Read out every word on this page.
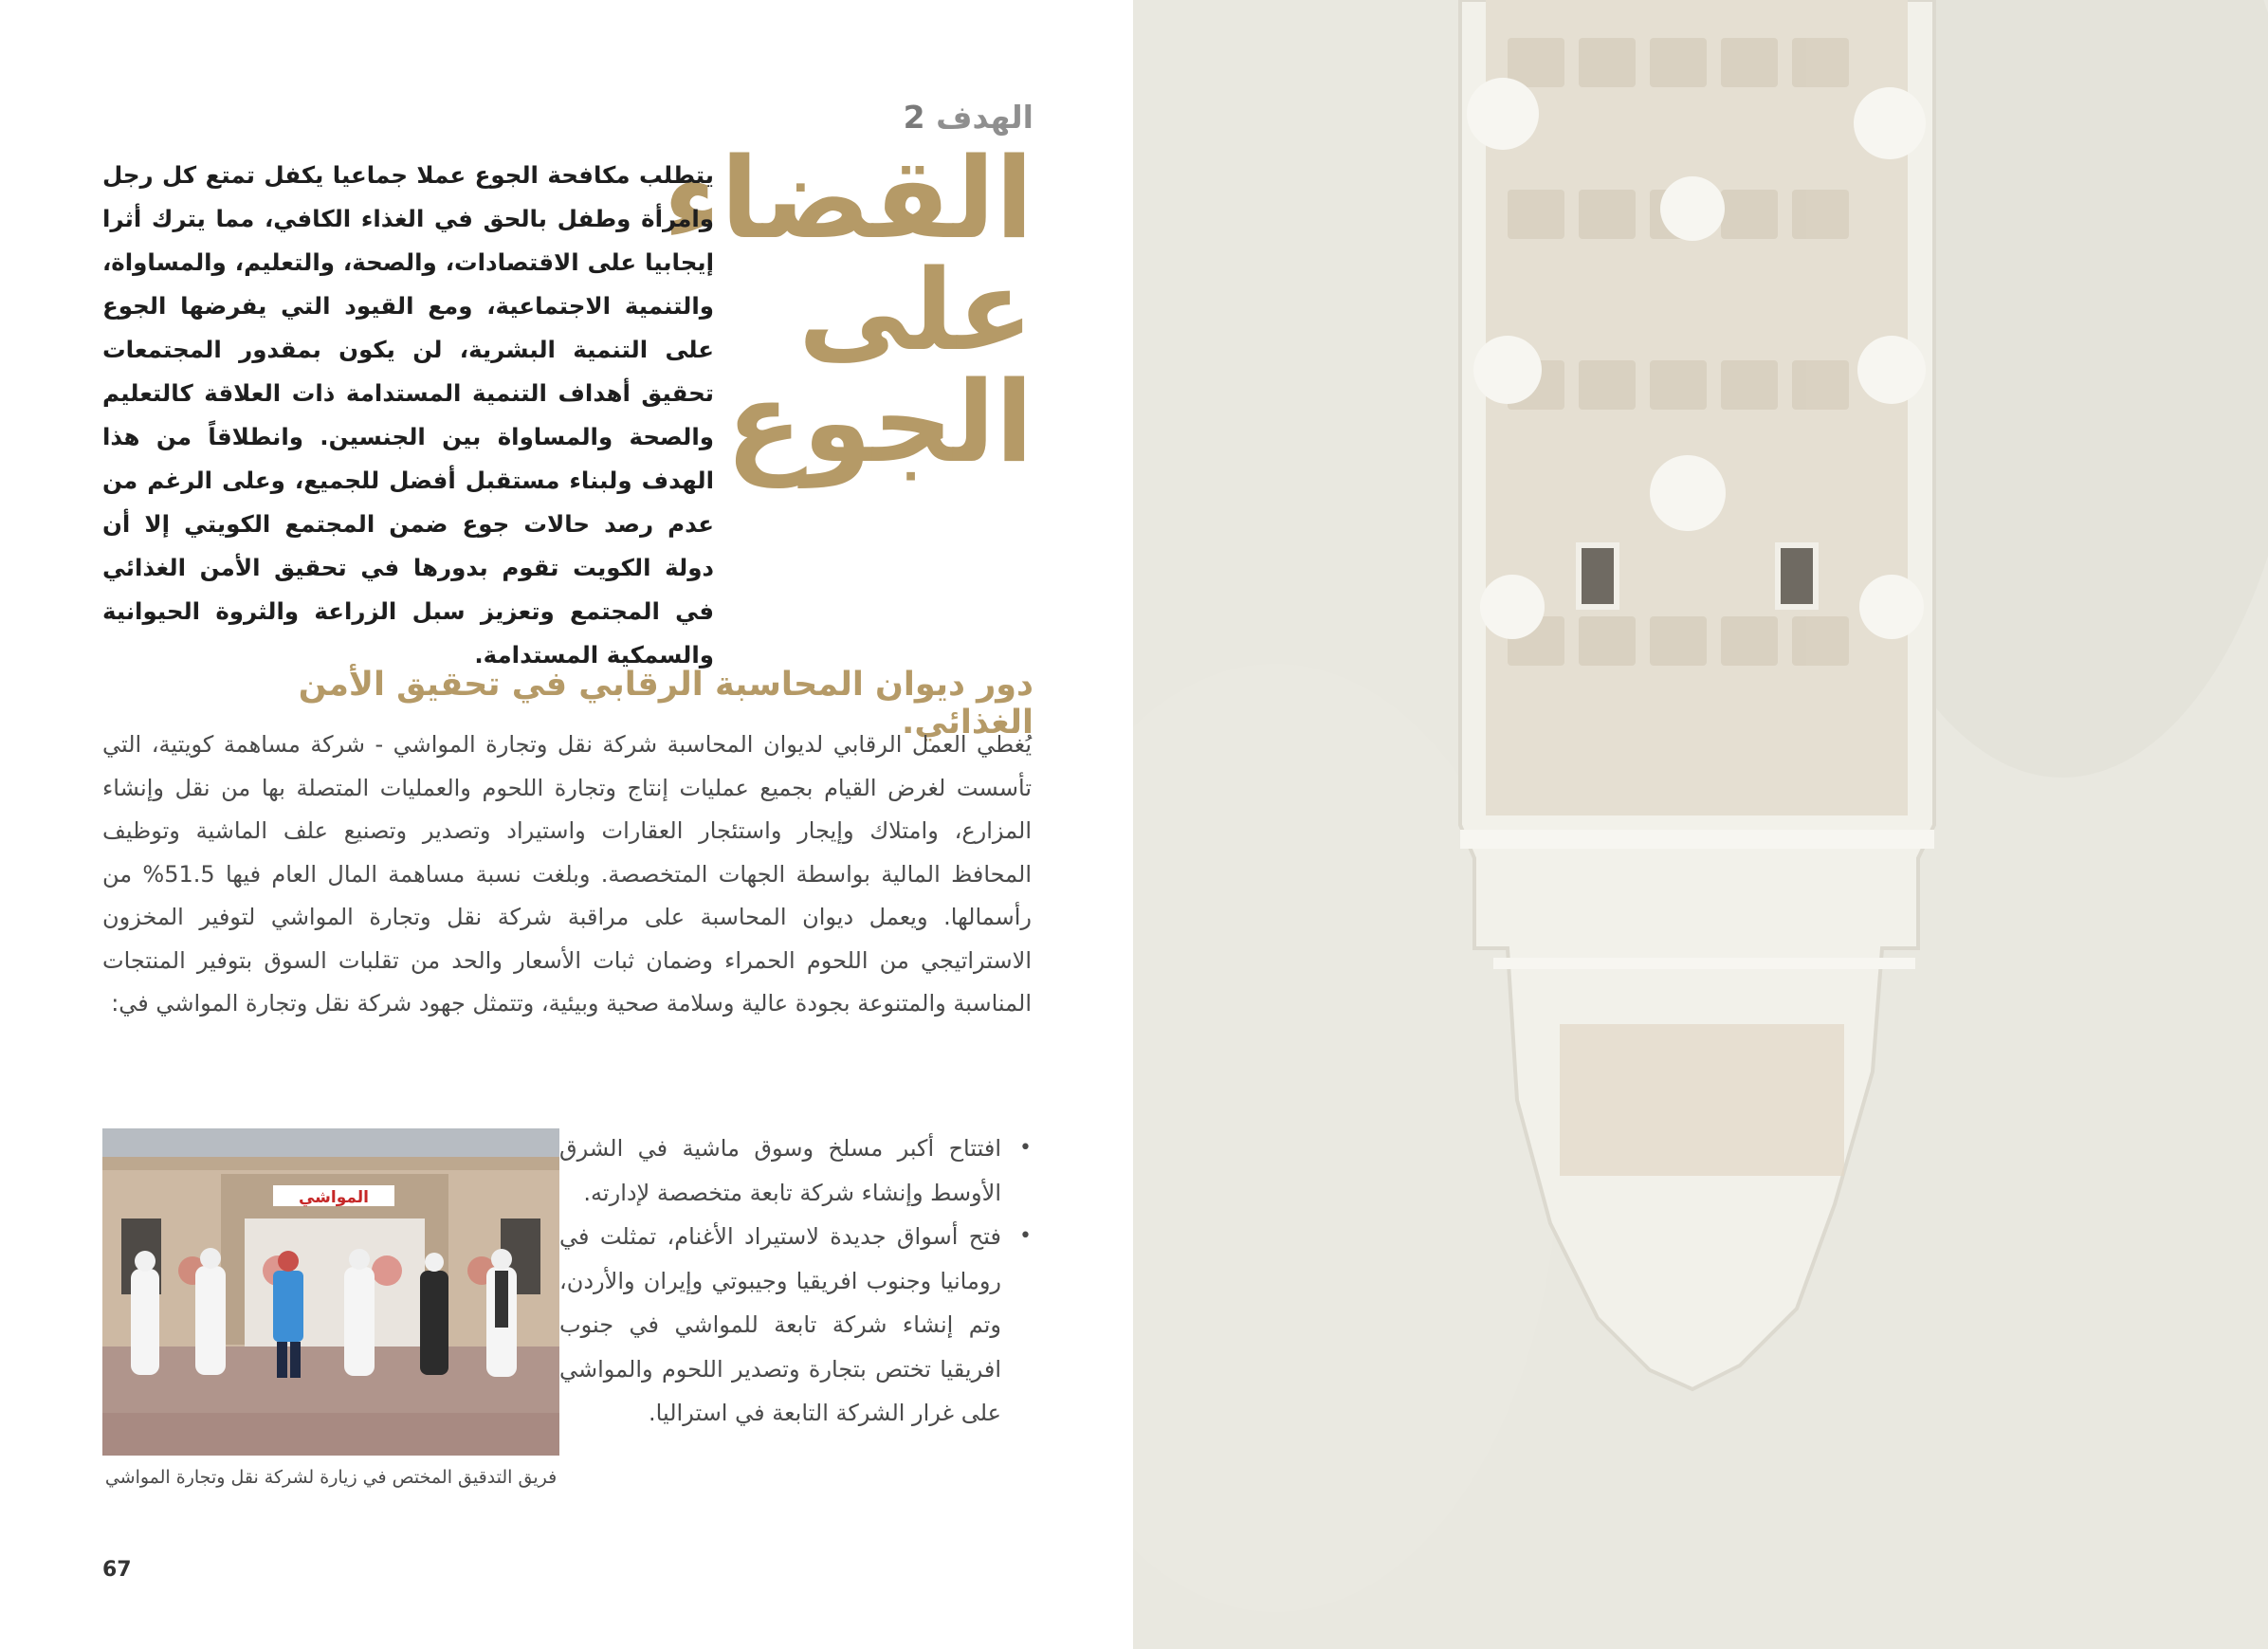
الهدف 2
القضاء
على
الجوع

يتطلب مكافحة الجوع عملا جماعيا يكفل تمتع كل رجل وامرأة وطفل بالحق في الغذاء الكافي، مما يترك أثرا إيجابيا على الاقتصادات، والصحة، والتعليم، والمساواة، والتنمية الاجتماعية، ومع القيود التي يفرضها الجوع على التنمية البشرية، لن يكون بمقدور المجتمعات تحقيق أهداف التنمية المستدامة ذات العلاقة كالتعليم والصحة والمساواة بين الجنسين. وانطلاقاً من هذا الهدف ولبناء مستقبل أفضل للجميع، وعلى الرغم من عدم رصد حالات جوع ضمن المجتمع الكويتي إلا أن دولة الكويت تقوم بدورها في تحقيق الأمن الغذائي في المجتمع وتعزيز سبل الزراعة والثروة الحيوانية والسمكية المستدامة.

دور ديوان المحاسبة الرقابي في تحقيق الأمن الغذائي.

يُغطي العمل الرقابي لديوان المحاسبة شركة نقل وتجارة المواشي - شركة مساهمة كويتية، التي تأسست لغرض القيام بجميع عمليات إنتاج وتجارة اللحوم والعمليات المتصلة بها من نقل وإنشاء المزارع، وامتلاك وإيجار واستئجار العقارات واستيراد وتصدير وتصنيع علف الماشية وتوظيف المحافظ المالية بواسطة الجهات المتخصصة. وبلغت نسبة مساهمة المال العام فيها 51.5% من رأسمالها. ويعمل ديوان المحاسبة على مراقبة شركة نقل وتجارة المواشي لتوفير المخزون الاستراتيجي من اللحوم الحمراء وضمان ثبات الأسعار والحد من تقلبات السوق بتوفير المنتجات المناسبة والمتنوعة بجودة عالية وسلامة صحية وبيئية، وتتمثل جهود شركة نقل وتجارة المواشي في:

•
افتتاح أكبر مسلخ وسوق ماشية في الشرق الأوسط وإنشاء شركة تابعة متخصصة لإدارته.
•
فتح أسواق جديدة لاستيراد الأغنام، تمثلت في رومانيا وجنوب افريقيا وجيبوتي وإيران والأردن، وتم إنشاء شركة تابعة للمواشي في جنوب افريقيا تختص بتجارة وتصدير اللحوم والمواشي على غرار الشركة التابعة في استراليا.
المواشي
فريق التدقيق المختص في زيارة لشركة نقل وتجارة المواشي
67
